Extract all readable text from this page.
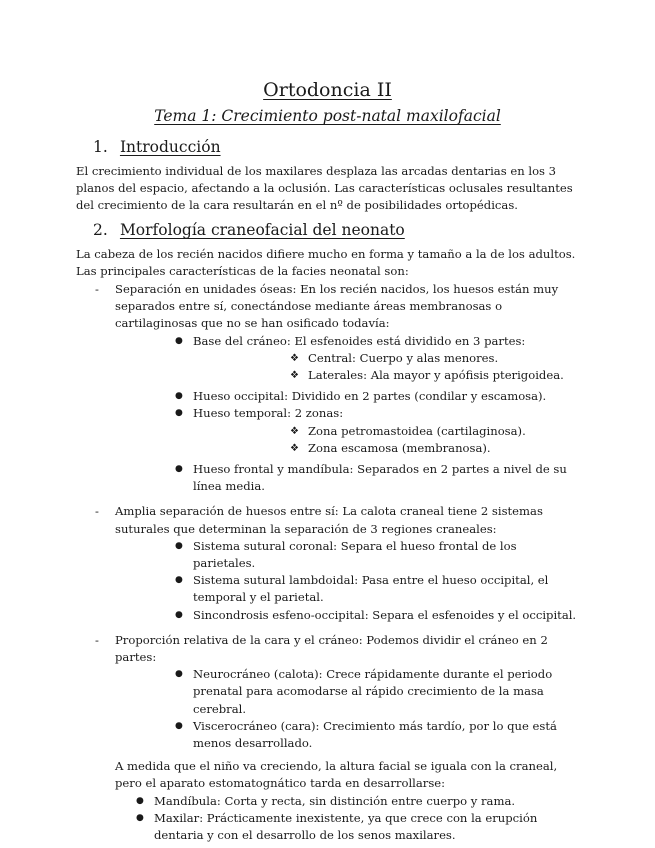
Ortodoncia II
Tema 1: Crecimiento post-natal maxilofacial
1. Introducción
El crecimiento individual de los maxilares desplaza las arcadas dentarias en los 3 planos del espacio, afectando a la oclusión. Las características oclusales resultantes del crecimiento de la cara resultarán en el nº de posibilidades ortopédicas.
2. Morfología craneofacial del neonato
La cabeza de los recién nacidos difiere mucho en forma y tamaño a la de los adultos. Las principales características de la facies neonatal son:
- Separación en unidades óseas: En los recién nacidos, los huesos están muy separados entre sí, conectándose mediante áreas membranosas o cartilaginosas que no se han osificado todavía:
● Base del cráneo: El esfenoides está dividido en 3 partes:
❖ Central: Cuerpo y alas menores.
❖ Laterales: Ala mayor y apófisis pterigoidea.
● Hueso occipital: Dividido en 2 partes (condilar y escamosa).
● Hueso temporal: 2 zonas:
❖ Zona petromastoidea (cartilaginosa).
❖ Zona escamosa (membranosa).
● Hueso frontal y mandíbula: Separados en 2 partes a nivel de su línea media.
- Amplia separación de huesos entre sí: La calota craneal tiene 2 sistemas suturales que determinan la separación de 3 regiones craneales:
● Sistema sutural coronal: Separa el hueso frontal de los parietales.
● Sistema sutural lambdoidal: Pasa entre el hueso occipital, el temporal y el parietal.
● Sincondrosis esfeno-occipital: Separa el esfenoides y el occipital.
- Proporción relativa de la cara y el cráneo: Podemos dividir el cráneo en 2 partes:
● Neurocráneo (calota): Crece rápidamente durante el periodo prenatal para acomodarse al rápido crecimiento de la masa cerebral.
● Viscerocráneo (cara): Crecimiento más tardío, por lo que está menos desarrollado.
A medida que el niño va creciendo, la altura facial se iguala con la craneal, pero el aparato estomatognático tarda en desarrollarse:
● Mandíbula: Corta y recta, sin distinción entre cuerpo y rama.
● Maxilar: Prácticamente inexistente, ya que crece con la erupción dentaria y con el desarrollo de los senos maxilares.
